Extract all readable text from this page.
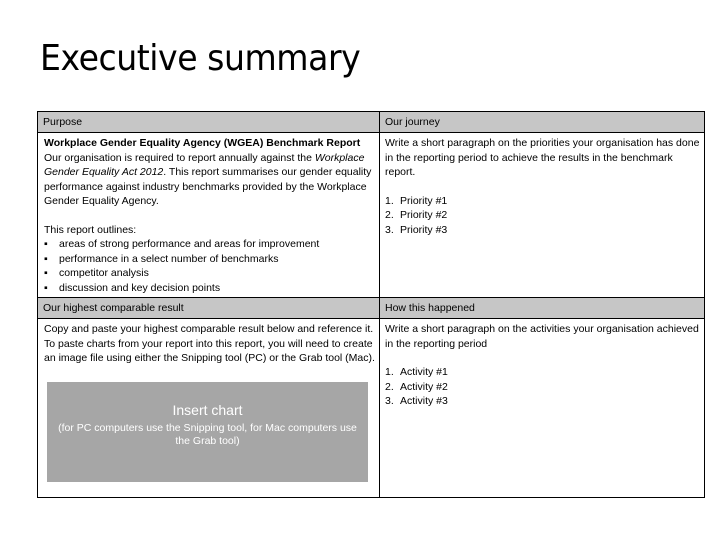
Executive summary
Purpose	Our journey
Our highest comparable result	How this happened

Workplace Gender Equality Agency (WGEA) Benchmark Report

Our organisation is required to report annually against the Workplace Gender Equality Act 2012. This report summarises our gender equality performance against industry benchmarks provided by the Workplace Gender Equality Agency.

This report outlines:

▪ areas of strong performance and areas for improvement
▪ performance in a select number of benchmarks
▪ competitor analysis
▪ discussion and key decision points

Write a short paragraph on the priorities your organisation has done in the reporting period to achieve the results in the benchmark report.

1. Priority #1
2. Priority #2
3. Priority #3
Copy and paste your highest comparable result below and reference it. To paste charts from your report into this report, you will need to create an image file using either the Snipping tool (PC) or the Grab tool (Mac).
Insert chart
(for PC computers use the Snipping tool, for Mac computers use the Grab tool)

Write a short paragraph on the activities your organisation achieved in the reporting period

1. Activity #1
2. Activity #2
3. Activity #3
